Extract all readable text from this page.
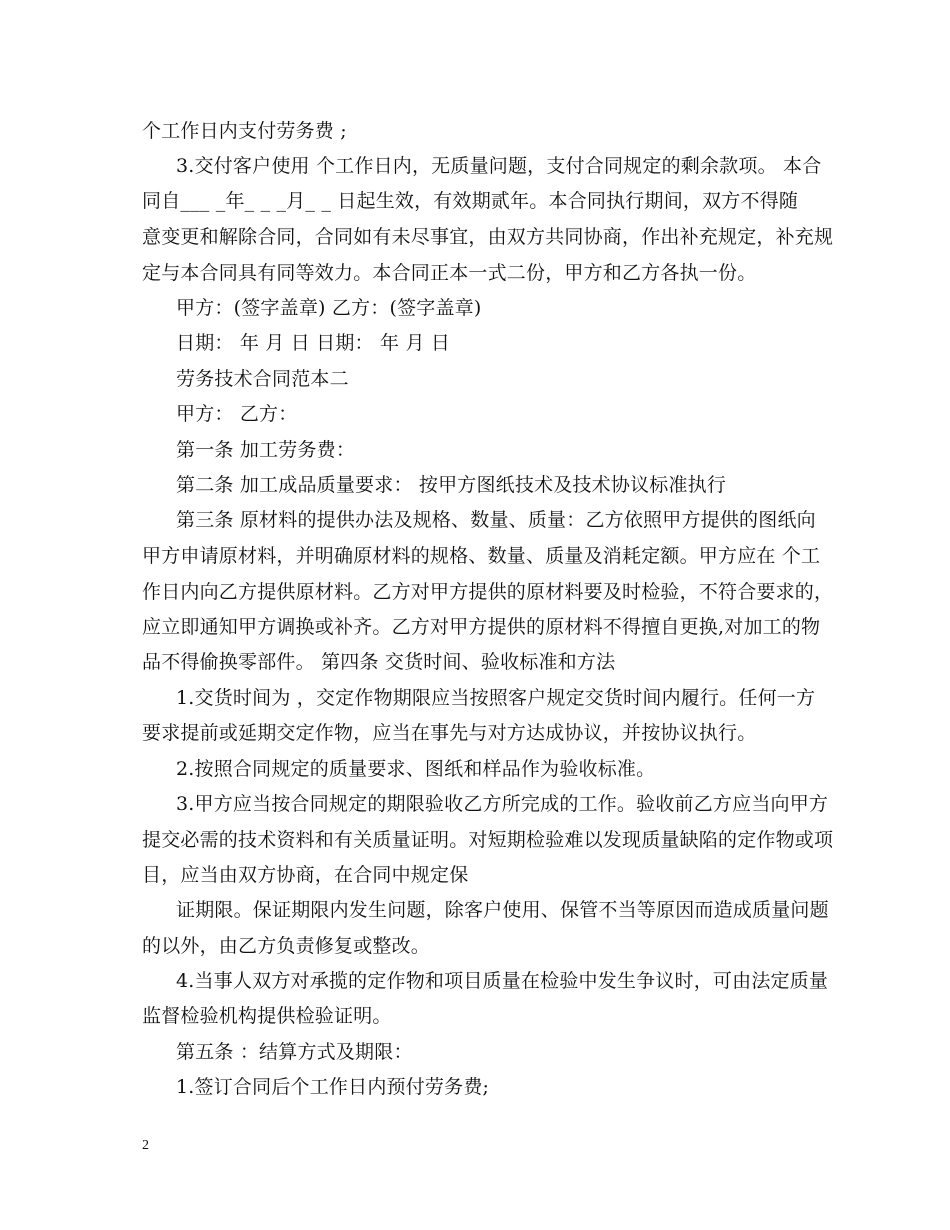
个工作日内支付劳务费 ;
3.交付客户使用 个工作日内，无质量问题，支付合同规定的剩余款项。 本合
同自___ _年_ _ _月_ _ 日起生效，有效期贰年。本合同执行期间，双方不得随
意变更和解除合同，合同如有未尽事宜，由双方共同协商，作出补充规定，补充规
定与本合同具有同等效力。本合同正本一式二份，甲方和乙方各执一份。
甲方：(签字盖章) 乙方：(签字盖章)
日期： 年 月 日 日期： 年 月 日
劳务技术合同范本二
甲方： 乙方：
第一条 加工劳务费：
第二条 加工成品质量要求： 按甲方图纸技术及技术协议标准执行
第三条 原材料的提供办法及规格、数量、质量：乙方依照甲方提供的图纸向
甲方申请原材料，并明确原材料的规格、数量、质量及消耗定额。甲方应在 个工
作日内向乙方提供原材料。乙方对甲方提供的原材料要及时检验，不符合要求的，
应立即通知甲方调换或补齐。乙方对甲方提供的原材料不得擅自更换,对加工的物
品不得偷换零部件。 第四条 交货时间、验收标准和方法
1.交货时间为 ，交定作物期限应当按照客户规定交货时间内履行。任何一方
要求提前或延期交定作物，应当在事先与对方达成协议，并按协议执行。
2.按照合同规定的质量要求、图纸和样品作为验收标准。
3.甲方应当按合同规定的期限验收乙方所完成的工作。验收前乙方应当向甲方
提交必需的技术资料和有关质量证明。对短期检验难以发现质量缺陷的定作物或项
目，应当由双方协商，在合同中规定保
证期限。保证期限内发生问题，除客户使用、保管不当等原因而造成质量问题
的以外，由乙方负责修复或整改。
4.当事人双方对承揽的定作物和项目质量在检验中发生争议时，可由法定质量
监督检验机构提供检验证明。
第五条 ：结算方式及期限：
1.签订合同后个工作日内预付劳务费;
2
